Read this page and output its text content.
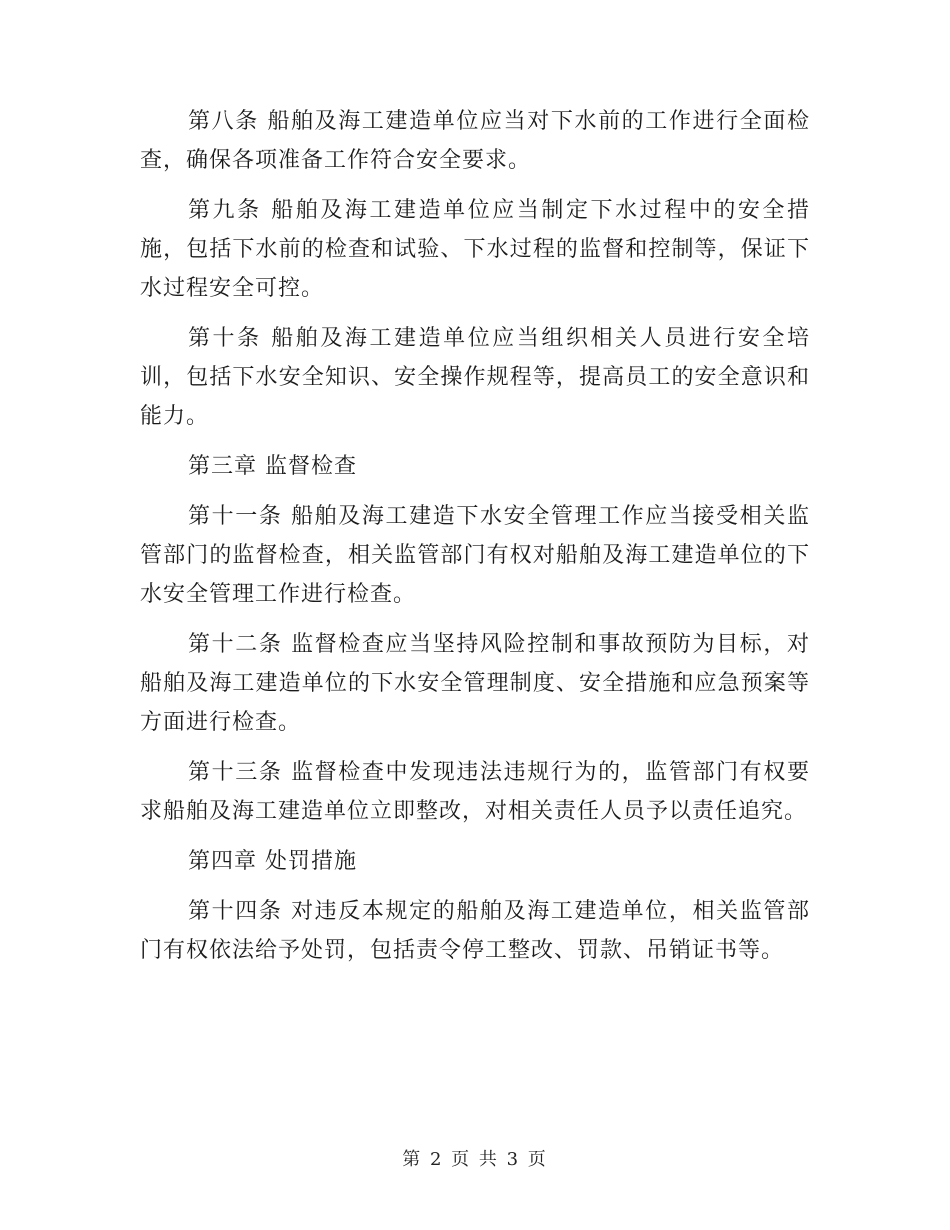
第八条 船舶及海工建造单位应当对下水前的工作进行全面检查，确保各项准备工作符合安全要求。

第九条 船舶及海工建造单位应当制定下水过程中的安全措施，包括下水前的检查和试验、下水过程的监督和控制等，保证下水过程安全可控。

第十条 船舶及海工建造单位应当组织相关人员进行安全培训，包括下水安全知识、安全操作规程等，提高员工的安全意识和能力。

第三章 监督检查

第十一条 船舶及海工建造下水安全管理工作应当接受相关监管部门的监督检查，相关监管部门有权对船舶及海工建造单位的下水安全管理工作进行检查。

第十二条 监督检查应当坚持风险控制和事故预防为目标，对船舶及海工建造单位的下水安全管理制度、安全措施和应急预案等方面进行检查。

第十三条 监督检查中发现违法违规行为的，监管部门有权要求船舶及海工建造单位立即整改，对相关责任人员予以责任追究。

第四章 处罚措施

第十四条 对违反本规定的船舶及海工建造单位，相关监管部门有权依法给予处罚，包括责令停工整改、罚款、吊销证书等。

第 2 页 共 3 页
